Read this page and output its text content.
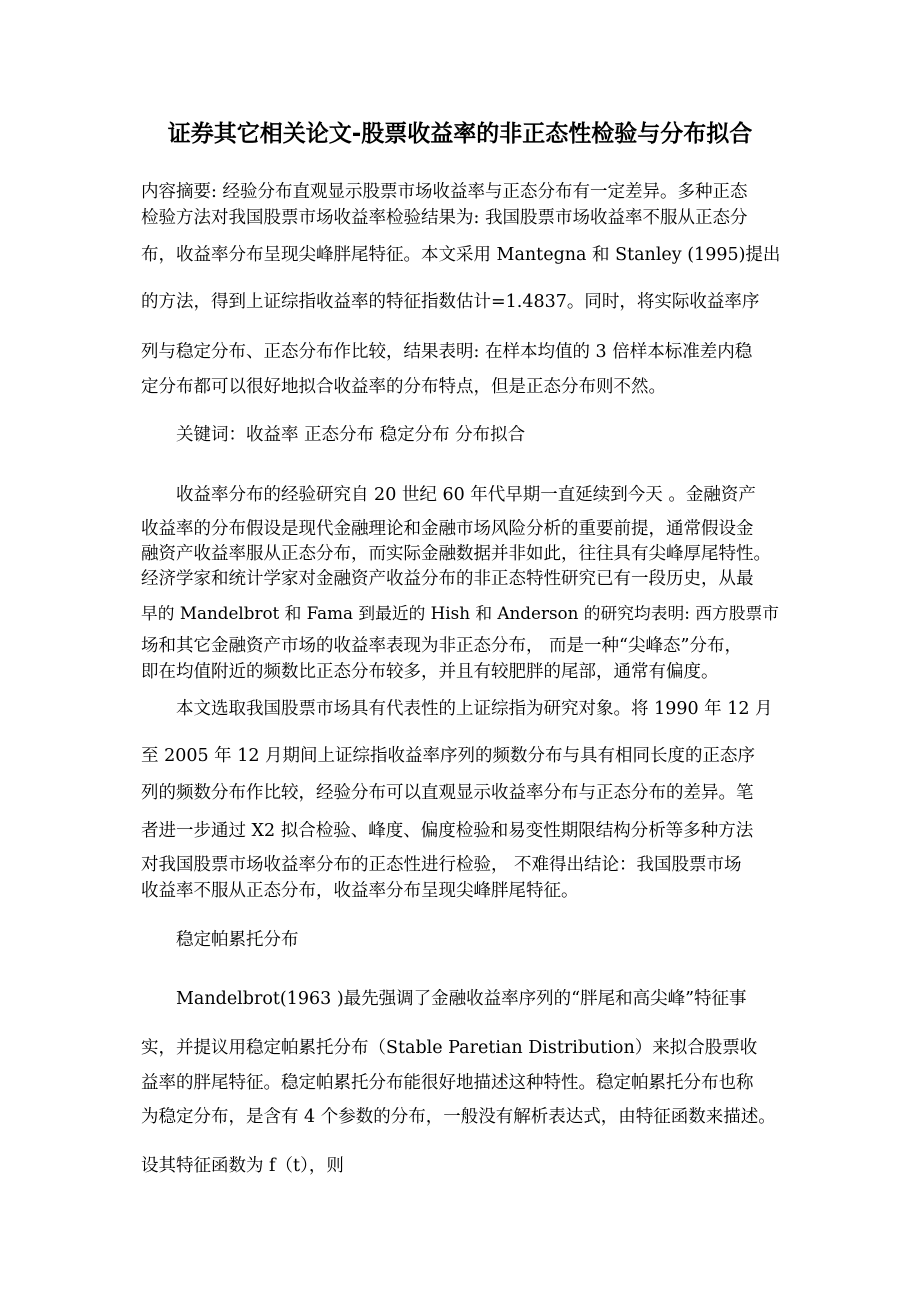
证券其它相关论文-股票收益率的非正态性检验与分布拟合
内容摘要: 经验分布直观显示股票市场收益率与正态分布有一定差异。多种正态
检验方法对我国股票市场收益率检验结果为: 我国股票市场收益率不服从正态分
布，收益率分布呈现尖峰胖尾特征。本文采用 Mantegna 和 Stanley (1995)提出
的方法，得到上证综指收益率的特征指数估计=1.4837。同时，将实际收益率序
列与稳定分布、正态分布作比较，结果表明: 在样本均值的 3 倍样本标准差内稳
定分布都可以很好地拟合收益率的分布特点，但是正态分布则不然。
关键词：收益率 正态分布 稳定分布 分布拟合
收益率分布的经验研究自 20 世纪 60 年代早期一直延续到今天 。金融资产
收益率的分布假设是现代金融理论和金融市场风险分析的重要前提，通常假设金
融资产收益率服从正态分布，而实际金融数据并非如此，往往具有尖峰厚尾特性。
经济学家和统计学家对金融资产收益分布的非正态特性研究已有一段历史，从最
早的 Mandelbrot 和 Fama 到最近的 Hish 和 Anderson 的研究均表明: 西方股票市
场和其它金融资产市场的收益率表现为非正态分布， 而是一种“尖峰态”分布，
即在均值附近的频数比正态分布较多，并且有较肥胖的尾部，通常有偏度。
本文选取我国股票市场具有代表性的上证综指为研究对象。将 1990 年 12 月
至 2005 年 12 月期间上证综指收益率序列的频数分布与具有相同长度的正态序
列的频数分布作比较，经验分布可以直观显示收益率分布与正态分布的差异。笔
者进一步通过 X2 拟合检验、峰度、偏度检验和易变性期限结构分析等多种方法
对我国股票市场收益率分布的正态性进行检验， 不难得出结论：我国股票市场
收益率不服从正态分布，收益率分布呈现尖峰胖尾特征。
稳定帕累托分布
Mandelbrot(1963 )最先强调了金融收益率序列的“胖尾和高尖峰”特征事
实，并提议用稳定帕累托分布（Stable Paretian Distribution）来拟合股票收
益率的胖尾特征。稳定帕累托分布能很好地描述这种特性。稳定帕累托分布也称
为稳定分布，是含有 4 个参数的分布，一般没有解析表达式，由特征函数来描述。
设其特征函数为 f（t），则
